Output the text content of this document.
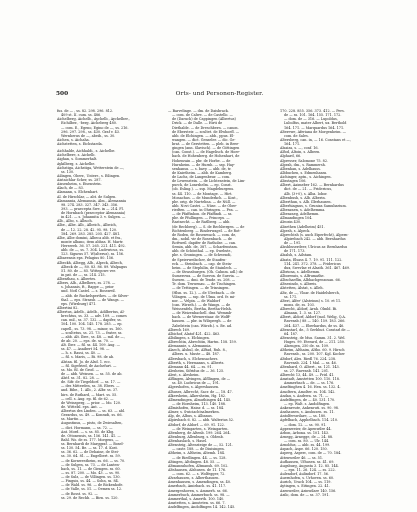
500	Orts- und Personen-Register.
fus. de — , ss. 82. 298. 296. 812.
409 st. II. cum. ss. 486.
Aichelberg, Aichelb., Aychelb., Aychelber.,
Eichilber., -berg. Aicheberg 480.
— com. E., Egeno, Egino de —, ss. 216.
296. 297. 298., ss. 430. Graf v. 43.
Wernherus de —, abeib., ss. 30.
Aichen, s. Aichaha.
Aichstetten, s. Eichstaeda.
Aichhalde, Aichhaldi., s. Aichelbe.
Aichelbere, s. Aichelb.
Aighan, s. Sommerhalt.
Aykilberg, s. Aichelbe.
Aichstiga, Aichstiga, Wetterstein de —,
ss. 130.
Ailingen, Oberr., Unterr., s. Eilingen.
Aistaichlar Scher, ss. 287.
Aissenheim, s. Eisenstein.
Alach, de — 83.
Alamann, s. Elchenhart.
Al. de Hirschlar, — abt. de Sulgen.
Alamannia, Alemannia, Alm., Alemannia
98. 274. 283. 327. 347. 343. 356.
393. — praecepta Swe. in — 214. Fl.
de Hornbach (praeceptor Alemannia)
in 421. — s. Johannita 3. v. Sulgen. —
Alb., Albo, s. Albuch.
Albe., Albe. Alb., Albeich., Albeich,
de — 12. 22. 28. 42. 95. 98. 120.
184. 269. 283. 285. 205. 427. 481.
Albe, Albe domini, Albeca abb. et fra.,
monte albano, item abbas. H. Martr.
Herrzeeh. 36. 57. 265. 221. 411. 492.
abb. de —, ss. 7. 304. Ludewicus, ss.
123. Sigurus 57. W(alterus), ss. 156.
Albaeensis eps. Pelagius 80. 156.
Albeckh, Albegg, Alb., Alpeck, Albech,
Albeck de —, 80. 83. 86. 89. Walpagus
51. 80. de — 85. Wittegowe ver.
in pat. de —, ss. 214. 215.
Albenthau, s. Albertes.
Albers, Alb., Albelhers, ss. 278. —
s. Johannis, ft., Rappe —, prior
und. Notl Castel. — s. Bossweil.
— abb. de Ruckelsperthes. — de Silver-
thal. — eps. Strassb. — de Wangs. —
eps. (Wirzburg) 471.
Albertini 82.
Albertus, Adelb., Adelb., Adilbertus, Al-
brechtus, ss. 33. — adv. 109. — comes
can. mil., ss. 37. 132. — dapifer, ss.
104. 100. 104. 145. 178. 285. — ep.
capell., ss. 73. 98. — minor, ss. 160.
— scultetus, ss. 21. 73. — frater, ss.
— abb. Alt. Iber., ss. 48. — mil. de —,
de ab. 20. — eps. de. ss. 70. —
Alt. Iber. — fil. ss. 44. 109. Aug. —
ss. 47. — Asaibert 54. 98. —
— h. s. Rassi, ss. 40. —
— fil. s. Maris, — Bi. 98. de ab.
Alstan. fil. Jo. de Alsd. 1. ecc.
— fil. Sigefried, de Aschefurt. —
ss. Mo. fil. de Grod. —
de — abb. Weissen. — ss. 55. de ab.
Alstf. ss. 31. 82. 28. —
de. Sifr. de Tiegeldorf. — ss. 17. —
— des Mitterden, ss. 38. Ebers. —
and. Bibe., 1. Alb., 2. Albr. ss. 37.
hirs. de Ruthard, — Mart. ss. 55.
— cell. s. Aug. ep. fil. de 62. —
de Weinsperg, — prior. — Mo. 120.
de. Wittelsl. eps. Ant. —
Albertus des Linden. — ss. 63. — abl.
Gerardus, ss. 49. — Konradi, ss. 66.
ss. Martin —
Augustinus, — pisto, de Zwiesalten,
— dict. Hormann, — ss. 72. —
Ant. Mord. — s. ss. 85. de Kbg.
de. Ottonensis, ss. 156. 141. 41. —
Bahl. Wo. de ss. 177. Morgens, —
ss. Bernhardi de Marggraf. — Bosel-
ss. 130. 54. Be. — ss. 17. d. Kost.
ss. 36. 62. — de Dehaine, de Stei-
ss. 30. 64. 81. — Engelbert. ss. 59.
— de Kornwestheim, ss. 66. — ss. 70.
— de Sulgen, ss. 73. — de Lanten-
bach, ss. 11. — de Giengen. ss. 60.
— ss. 87. 200. — Mo. 43. — ss. 90.
— de Sulz, — de Villingen. ss. 130.
— Pinguis, ss. 44. — Sohn, ss. 84.
— de Wald. ss. 96. — de Bickenhofe.
— de Valle, ss. 51. — Oemen ss. 12.
— de Rosst. ss. 92. —
ss. 29. de Rechb. — Birn. ss. 120.
— Barvelinge. — dm. de Daisbrack.
— com. de Calwe. — de Castello. —
de (Daruch) de Cappingen (Albertus)
Drick. — de Dalle. — Hirti de
Diethalde. — de Dreschbern. — canon.
de Ebersteir. — scultet. de Elwhoefl. —
abb. de Elchingen. — abb., ppus. El-
wangen. — dict. Genseler. — dic. Ge-
brat. — de Gerstetten. — pleb. in Bree-
gingen (ann. Slavisch). — de Göttingen
(can. Const.). — de Hagelisch. de Hoer-
bach. de Hohenberg. de Hohenhart, de
Hohenrain — pbr. de Horbe. — de
Hurnheim. — de Hurnh. — ssp. Hay-
senhanus. — s. bavy. — abb. de, tr.
de Knietheim. — abb. de Kamberg.
de Lachs, de Langenbeur. — com.
de Lewenstein. — de Lichtenstein, de Lim-
purch, de Lonrshelm. — ep. Const.
(ob. Esling.). — ssp. Magdeburgens.
ss. 44. 110. — de Montage. — Hirt.
Monachus. — de Munderkch. — Kost.,
pbr. orig. de Nurtelina. — de Nüll. —
abb. Novi Castri. — Nüse. — de Ober-
riedten. — can. in Ohringen. — Pea. —
— de Pfaffinhon. de Pfaffindi. — ss.
pbr. de Pfullingen. — Princeps. —
Rastnecht. — de Ratlberg. — abb.
(de Rechberg). — S. de Rechbergen. — de
Richtenberg. — Rinderwagel. — de Rot-
de Roden, de Rosenwach. — com. de,
dm., nobil. vir de Rosenbach. — de
Rottweil. dapifer de Rutholse. — can.
Semin, abb. de, 387. — Scharfenstam.
abb. de Schönthal. — ep. Swebstr.,
pbr. s. Groningen. — de Schwendi,
de Speierweilscher, de Staufen-
eck. — Steinbach. — cap. de Stein-
heim. — de Stephilin, de Stainlech. —
— de Strassburgen. (Oh. Cahnm. adl.) de
Sumerowa. — de Suevon. de Suevia. —
Suesen. — dmi. de Tende. ss. 208. —
Tr. dom. Truwenau. — de Tischingen.
— de Tettingen. — de Trinsingen.
(Hlsn. ss. 12.). — de Uleebach. — de
Vilingen. — ssp. de Ulma. ord. fr. mi-
nor. — Velpin. — de Waldorf
(can. Wirzeh.). — de Wangs. — de
Weissenfels, Bertha, Bertha-Helsh.
— de Weizenbachell. dmi. Wemmb-
bach. — de Wernerstaar. de Wolff-
hausen. — pbr. in Wilspergh. — de
Zabelstein (can. Würzb.). s. Be. ad.
Albrech 169.
Albichof, Alatof 421. 422. 463.
Albilingen, s. Elchingen.
Albrechtin, Abrechtin, Hartm. 158. 159.
Alemannie, s. Alemannia.
Alaech, Alshul, de, Alftad, Ruh. 8.,
Albers. u. Muste — 48. 187.
Allersbach, s. Elchensachers.
Alberth, s. Hermanns, s. Alberts.
Alemann 44. 64. — ss. 91.
Alesheim, Sifridus de — 36. 125.
Alest, s. Alesheim.
Alflingen, Alvingen, Alfllingen, de —
ss. 40. Ludwicus de —, 191.
Algershofen, s. Algershausen.
Alhuses, Albrecht, Sacr. de —, 18. 47.
Alkersheim, Alkersheim, Hg. 182.
Allmendingen, Almuthingen 44. 145.
— de Hornheim, 113. 140. 188.
Allmishofen, Hainr. d. — ss. 184.
Almer, s. Swiciachtsalmerken.
Alp, de, Albus, s. Albanus.
Alpirsbach 6. 82. — abb. Walterius 52.
Altdorf, de Aldorf. — 69. 91. 122.
— de Weingarten, s. Weingarten.
Altenberg, de Altenb. 199. 264. 264.
Altenburg, Allenburg, s. Oldenb.
Altenhaslach, s. Hasel.
Altensteig, Altensteige de —, 52. 121.
— castr. 188. — de Diuisingen.
Altheim, s. Altheim, Altemh. 184.
— de Riedlingen. 44. — ss. 128.
Altingen, Altdingen. 48. 55. —
Altmannshofen, Altmansh. 69. 102.
Altshausen, Alshusen. de 11. 176.
— com. 62. — s. Wolfegger, 72.
Alvarhausen, s. Alberthausen.
Amenhausen, s. Amendingen, ss. 40.
Amerbach, Amirbach. ss. 41. 117.
Amergenhoven, s. Ammerh. ss. 66.
Ammerbuch, Ammerbuch. ss. 98. —
Ammerthal, s. Amerth. 100. 140.
Amstetten, s. Amsteten. ss. 66. 7.
Andelfingen, Andolfingen 14. 142. 145.
170. 228. 855. 356. 373. 412. — Pers.
de — ss. 101. 164. 155. 171. 172.
— dom. de — 316. — Lupoldus,
Lubolfus, mater Albert, ux. Berthold
164. 171. — Marquardus 164. 171.
Alterewe, Aferiana de Morgenheim. —
com. de Sales.
Altersberg, can. in, — 16. Constans et —,
164. 171.
Alsaiza, s. —, conf. 16.
Alfod, Altoin, s. Albeen.
Alphard, 66.
Alpresser, Salomone 75. 82.
Alprah, dm., s. Rammersh.
Albenhan, s. Adelhauss.
Albbuchen, s. Edmenhanss.
Aichinger, aptn., s. Aichingen.
Alisstagen 106.
Albert, Aaimeber 162. — Bernhardus
dict. de — 21. — Fridericus,
Alb. (3+0), s. Alba. Iobor.
Albenbush, s. Alb. Alberin.
Alberthun, s. Alb. Illerhausen.
Alberhiagnus, s. Gruniza Samubarium.
Albenzaen, s. Adelhemma.
Albenzaeg, Adelhemm.
Allmandingen 104.
Aleosin 430.
Alisethen (Adelheim) 451.
Alpesh, s. Alpeck.
Alprechtsh (s. auch Eiperfecht), Alpern-
Alpirebach 242. — abb. Bernhardus
de — 191.
Alsshbsserdeer, Ulricus ar. Bernhardus
de 171. 173.
Alsalsh, s. Ailstam.
Alsata, Elsass 4. 7. 19. 91. 111. 122.
114. 241. 372. 378. — Fridericus
dux, Swevlae et Alsath. 361. 467. 469.
Albriona, s. Adelhemm.
Alborensis, s. Alfrumathe.
Albschaeflin, Albhachgenzosan. 66.
Altsesindo, s. Albreis.
Alstetten, Alstat, s. Alleh.
Altz, de —, Vloar. de Haidelsberch,
ss. 171.
Alteri, Alfer' (Alsteinm) s. 10. et 11.
mons. de, ss. 103.
Albrecht, Aldorf, Arnh. Olmbl. Bi.
Almann, 1. 3. ss. 127.
Albert, Aldorf, Aldorf (mol. Welig, Q.A.
Ravensb.) 88 — 140. 159. 183. 266.
264. 437. — Eberhardus, de ss. 46.
Altenstarl, de., 5 Gerbhut. Cosstarl de —
64. 187.
Altensteig, de Mus. Samm. 31. 2. Wel.
Huges. 99. Eterard, de — 211. 250.
Alsengen, 250 de. ss. 109.
Altheim, Althaim, Altho. 60. 9. Hirsch
Ravensb., ss. 200. 107. Kgl. Kocher
Altdorf, Ales. Riedl 76. 224. 238.
Ravensb. 224. 1 Mal. — ss. 46.
Altenhard, O. Albert., ss. 121. 143.
ss. 27. Ravensb. 141. 201.
Albrecht 13, 44. 49. — Frid. 41.
Amstadt, Amstetten 100. 110. 118.
Ammerbach — de. — ss. 176.
Ameltinghen 4. 16. Hen. ss. 132. 4.
Amoltern, Amolter. ss. 104. 142.
Andau, s. Andewa. ss. 71. —
Andelfingen, de — 40. 131. 170.
— ep. Walt. s. Andolfingen.
Ankenreute, Ankenruti. ss. 90. 98.
Anshausen, s. Anshusen. ss. 11.
Antolferswilare, — ss. 180.
Apfelbach, Apphelbach. 114. 210.
— dom. 12. — ss. 90. 91.
Appenweier, de Apenwilre 44.
Arbon, Arbona. ss. 101. 143.
Arnegg, Arnegge, de — 24. 88.
— com. ss. 80. — Ulr. 144.
Arnoldus, — abb. ss. 44. 199.
Aspach, Aspe. 66. 120. 150.
Asperg, Asperc, com. de — 70. 184.
Attenweiler 46. — ss. 51.
Aufhausen, Ufhusen. ss. 41. 69.
Augsburg, Augusta 3. 12. 85. 144.
— eps. 11. 26. 124. — ss. 222.
Aulendorf, Aulindorf. 17. 56.
Auernhofen, s. Urhoven. ss. 60.
Aurich, Urach 104. — ss. 119.
Aytingen, s. Eitingen. 22. 41.
Azenweiler, Azinwilare 140. 156.
Azilo, dom. de — ss. 37. 191.
